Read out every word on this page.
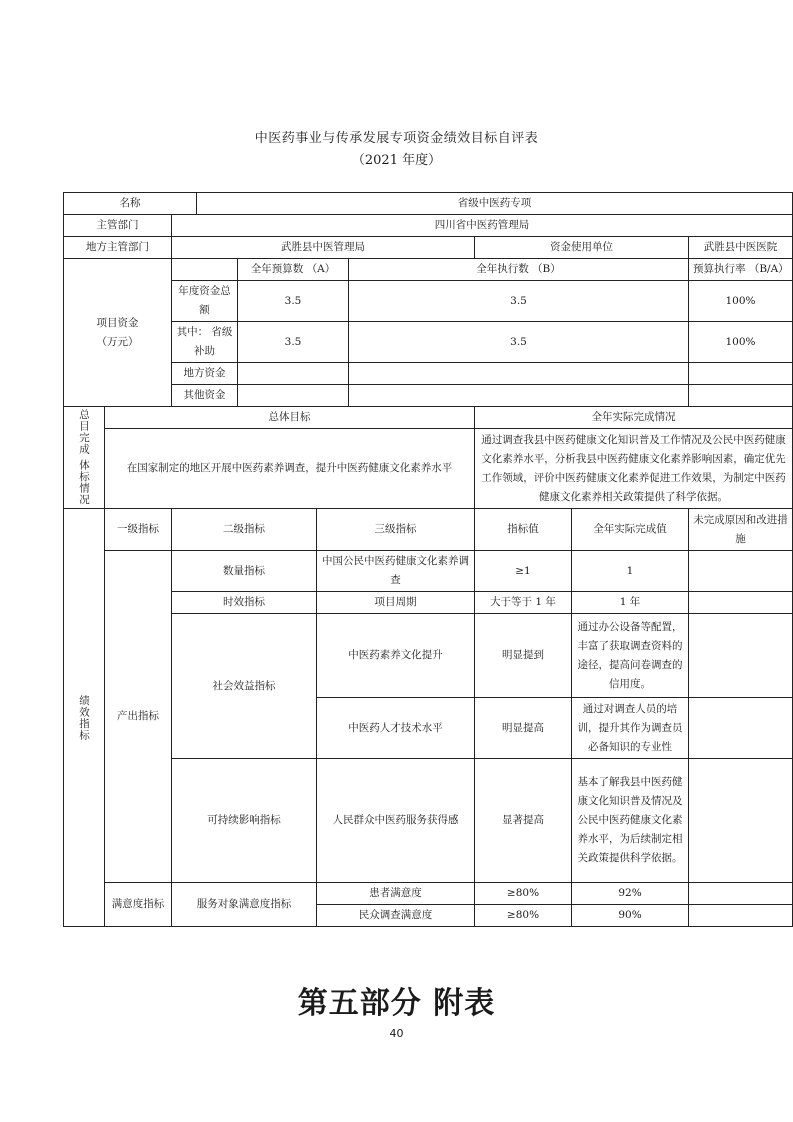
中医药事业与传承发展专项资金绩效目标自评表
（2021 年度）
名称			省级中医药专项						
主管部门		四川省中医药管理局							
地方主管部门		武胜县中医管理局					资金使用单位		武胜县中医医院

项目资金
（万元）				全年预算数 （A）		全年执行数 （B）			预算执行率 （B/A）
		年度资金总额		3.5		3.5			100%
		其中： 省级补助		3.5		3.5			100%
		地方资金							
		其他资金							

总目完成 体标情况	总体目标						全年实际完成情况		
	在国家制定的地区开展中医药素养调查，提升中医药健康文化素养水平						通过调查我县中医药健康文化知识普及工作情况及公民中医药健康文化素养水平，分析我县中医药健康文化素养影响因素，确定优先工作领域，评价中医药健康文化素养促进工作效果，为制定中医药健康文化素养相关政策提供了科学依据。		

绩效指标	一级指标	二级指标			三级指标		指标值	全年实际完成值	未完成原因和改进措施
	产出指标	数量指标			中国公民中医药健康文化素养调查		≥1	1	
		时效指标			项目周期		大于等于 1 年	1 年	
		社会效益指标			中医药素养文化提升		明显提到	通过办公设备等配置，丰富了获取调查资料的途径，提高问卷调查的信用度。	
					中医药人才技术水平		明显提高	通过对调查人员的培训，提升其作为调查员必备知识的专业性	
		可持续影响指标			人民群众中医药服务获得感		显著提高	基本了解我县中医药健康文化知识普及情况及公民中医药健康文化素养水平，为后续制定相关政策提供科学依据。	
	满意度指标	服务对象满意度指标			患者满意度		≥80%	92%	
					民众调查满意度		≥80%	90%	
第五部分 附表
40
